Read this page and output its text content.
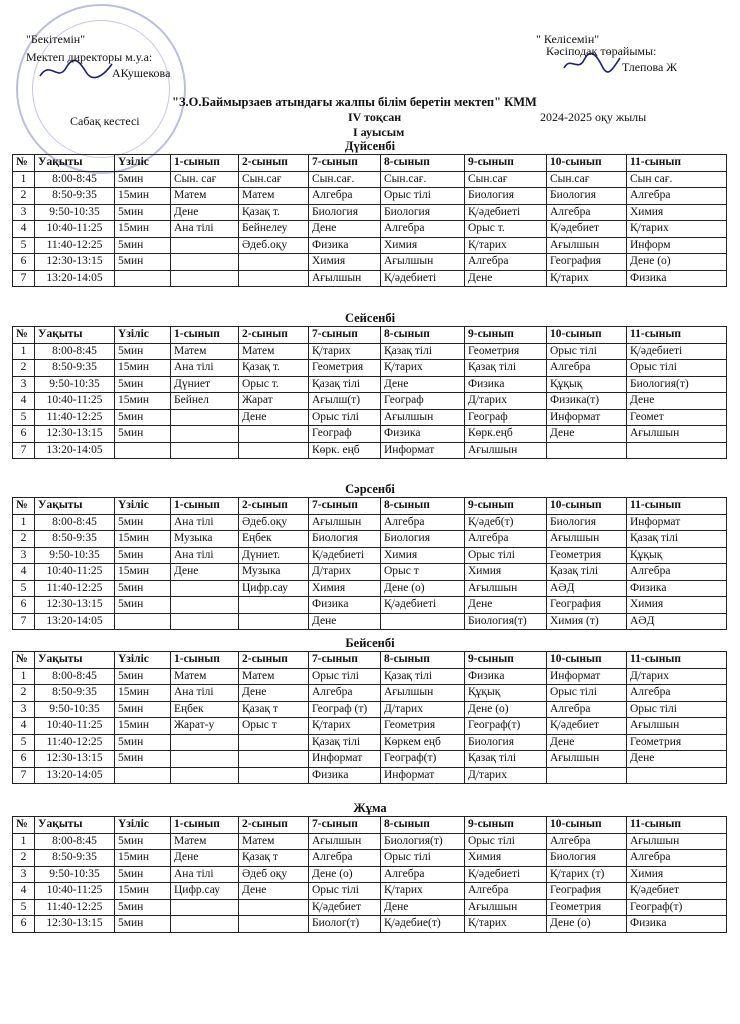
"Бекітемін"
Мектеп директоры м.у.а:
АКушекова
" Келісемін"
Кәсіподақ төрайымы:
Тлепова Ж
"З.О.Баймырзаев атындағы жалпы білім беретін мектеп" КММ
IV тоқсан	2024-2025 оқу жылы
Сабақ кестесі
І ауысым
Дүйсенбі
№	Уақыты	Үзіліс	1-сынып	2-сынып	7-сынып	8-сынып	9-сынып	10-сынып	11-сынып
1	8:00-8:45	5мин	Сын. сағ	Сын.сағ	Сын.сағ.	Сын.сағ.	Сын.сағ	Сын.сағ	Сын сағ.
2	8:50-9:35	15мин	Матем	Матем	Алгебра	Орыс тілі	Биология	Биология	Алгебра
3	9:50-10:35	5мин	Дене	Қазақ т.	Биология	Биология	Қ/әдебиеті	Алгебра	Химия
4	10:40-11:25	15мин	Ана тілі	Бейнелеу	Дене	Алгебра	Орыс т.	Қ/әдебиет	Қ/тарих
5	11:40-12:25	5мин		Әдеб.оқу	Физика	Химия	Қ/тарих	Ағылшын	Информ
6	12:30-13:15	5мин			Химия	Ағылшын	Алгебра	География	Дене (о)
7	13:20-14:05				Ағылшын	Қ/әдебиеті	Дене	Қ/тарих	Физика
Сейсенбі
№	Уақыты	Үзіліс	1-сынып	2-сынып	7-сынып	8-сынып	9-сынып	10-сынып	11-сынып
1	8:00-8:45	5мин	Матем	Матем	Қ/тарих	Қазақ тілі	Геометрия	Орыс тілі	Қ/әдебиеті
2	8:50-9:35	15мин	Ана тілі	Қазақ т.	Геометрия	Қ/тарих	Қазақ тілі	Алгебра	Орыс тілі
3	9:50-10:35	5мин	Дүниет	Орыс т.	Қазақ тілі	Дене	Физика	Құқық	Биология(т)
4	10:40-11:25	15мин	Бейнел	Жарат	Ағылш(т)	Географ	Д/тарих	Физика(т)	Дене
5	11:40-12:25	5мин		Дене	Орыс тілі	Ағылшын	Географ	Информат	Геомет
6	12:30-13:15	5мин			Географ	Физика	Көрк.еңб	Дене	Ағылшын
7	13:20-14:05				Көрк. еңб	Информат	Ағылшын		
Сәрсенбі
№	Уақыты	Үзіліс	1-сынып	2-сынып	7-сынып	8-сынып	9-сынып	10-сынып	11-сынып
1	8:00-8:45	5мин	Ана тілі	Әдеб.оқу	Ағылшын	Алгебра	Қ/әдеб(т)	Биология	Информат
2	8:50-9:35	15мин	Музыка	Еңбек	Биология	Биология	Алгебра	Ағылшын	Қазақ тілі
3	9:50-10:35	5мин	Ана тілі	Дүниет.	Қ/әдебиеті	Химия	Орыс тілі	Геометрия	Құқық
4	10:40-11:25	15мин	Дене	Музыка	Д/тарих	Орыс т	Химия	Қазақ тілі	Алгебра
5	11:40-12:25	5мин		Цифр.сау	Химия	Дене (о)	Ағылшын	АӘД	Физика
6	12:30-13:15	5мин			Физика	Қ/әдебиеті	Дене	География	Химия
7	13:20-14:05				Дене		Биология(т)	Химия (т)	АӘД
Бейсенбі
№	Уақыты	Үзіліс	1-сынып	2-сынып	7-сынып	8-сынып	9-сынып	10-сынып	11-сынып
1	8:00-8:45	5мин	Матем	Матем	Орыс тілі	Қазақ тілі	Физика	Информат	Д/тарих
2	8:50-9:35	15мин	Ана тілі	Дене	Алгебра	Ағылшын	Құқық	Орыс тілі	Алгебра
3	9:50-10:35	5мин	Еңбек	Қазақ т	Географ (т)	Д/тарих	Дене (о)	Алгебра	Орыс тілі
4	10:40-11:25	15мин	Жарат-у	Орыс т	Қ/тарих	Геометрия	Географ(т)	Қ/әдебиет	Ағылшын
5	11:40-12:25	5мин			Қазақ тілі	Көркем еңб	Биология	Дене	Геометрия
6	12:30-13:15	5мин			Информат	Географ(т)	Қазақ тілі	Ағылшын	Дене
7	13:20-14:05				Физика	Информат	Д/тарих		
Жұма
№	Уақыты	Үзіліс	1-сынып	2-сынып	7-сынып	8-сынып	9-сынып	10-сынып	11-сынып
1	8:00-8:45	5мин	Матем	Матем	Ағылшын	Биология(т)	Орыс тілі	Алгебра	Ағылшын
2	8:50-9:35	15мин	Дене	Қазақ т	Алгебра	Орыс тілі	Химия	Биология	Алгебра
3	9:50-10:35	5мин	Ана тілі	Әдеб оқу	Дене (о)	Алгебра	Қ/әдебиеті	Қ/тарих (т)	Химия
4	10:40-11:25	15мин	Цифр.сау	Дене	Орыс тілі	Қ/тарих	Алгебра	География	Қ/әдебиет
5	11:40-12:25	5мин			Қ/әдебиет	Дене	Ағылшын	Геометрия	Географ(т)
6	12:30-13:15	5мин			Биолог(т)	Қ/әдебие(т)	Қ/тарих	Дене (о)	Физика
